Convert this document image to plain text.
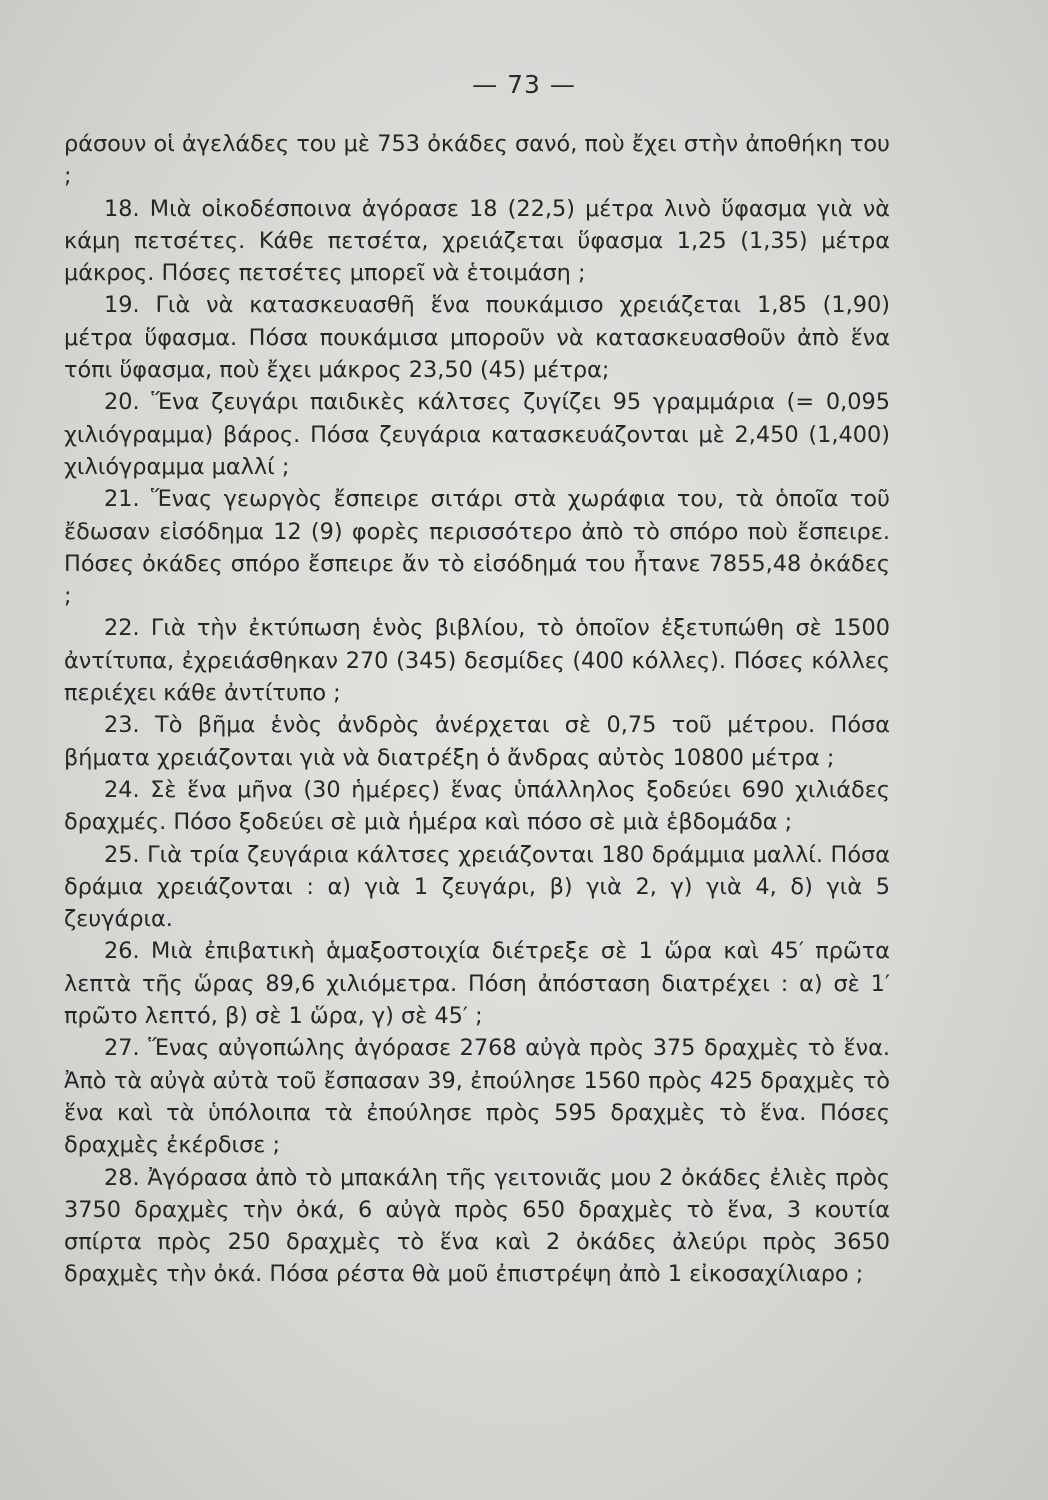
— 73 —

ράσουν οἱ ἀγελάδες του μὲ 753 ὀκάδες σανό, ποὺ ἔχει στὴν ἀποθήκη του ;

18. Μιὰ οἰκοδέσποινα ἀγόρασε 18 (22,5) μέτρα λινὸ ὕφασμα γιὰ νὰ κάμη πετσέτες. Κάθε πετσέτα, χρειάζεται ὕφασμα 1,25 (1,35) μέτρα μάκρος. Πόσες πετσέτες μπορεῖ νὰ ἑτοιμάση ;

19. Γιὰ νὰ κατασκευασθῆ ἕνα πουκάμισο χρειάζεται 1,85 (1,90) μέτρα ὕφασμα. Πόσα πουκάμισα μποροῦν νὰ κατασκευασθοῦν ἀπὸ ἕνα τόπι ὕφασμα, ποὺ ἔχει μάκρος 23,50 (45) μέτρα;

20. Ἕνα ζευγάρι παιδικὲς κάλτσες ζυγίζει 95 γραμμάρια (= 0,095 χιλιόγραμμα) βάρος. Πόσα ζευγάρια κατασκευάζονται μὲ 2,450 (1,400) χιλιόγραμμα μαλλί ;

21. Ἕνας γεωργὸς ἔσπειρε σιτάρι στὰ χωράφια του, τὰ ὁποῖα τοῦ ἔδωσαν εἰσόδημα 12 (9) φορὲς περισσότερο ἀπὸ τὸ σπόρο ποὺ ἔσπειρε. Πόσες ὀκάδες σπόρο ἔσπειρε ἄν τὸ εἰσόδημά του ἦτανε 7855,48 ὀκάδες ;

22. Γιὰ τὴν ἐκτύπωση ἑνὸς βιβλίου, τὸ ὁποῖον ἐξετυπώθη σὲ 1500 ἀντίτυπα, ἐχρειάσθηκαν 270 (345) δεσμίδες (400 κόλλες). Πόσες κόλλες περιέχει κάθε ἀντίτυπο ;

23. Τὸ βῆμα ἑνὸς ἀνδρὸς ἀνέρχεται σὲ 0,75 τοῦ μέτρου. Πόσα βήματα χρειάζονται γιὰ νὰ διατρέξη ὁ ἄνδρας αὐτὸς 10800 μέτρα ;

24. Σὲ ἕνα μῆνα (30 ἡμέρες) ἕνας ὑπάλληλος ξοδεύει 690 χιλιάδες δραχμές. Πόσο ξοδεύει σὲ μιὰ ἡμέρα καὶ πόσο σὲ μιὰ ἑβδομάδα ;

25. Γιὰ τρία ζευγάρια κάλτσες χρειάζονται 180 δράμμια μαλλί. Πόσα δράμια χρειάζονται : α) γιὰ 1 ζευγάρι, β) γιὰ 2, γ) γιὰ 4, δ) γιὰ 5 ζευγάρια.

26. Μιὰ ἐπιβατικὴ ἁμαξοστοιχία διέτρεξε σὲ 1 ὥρα καὶ 45′ πρῶτα λεπτὰ τῆς ὥρας 89,6 χιλιόμετρα. Πόση ἀπόσταση διατρέχει : α) σὲ 1′ πρῶτο λεπτό, β) σὲ 1 ὥρα, γ) σὲ 45′ ;

27. Ἕνας αὐγοπώλης ἀγόρασε 2768 αὐγὰ πρὸς 375 δραχμὲς τὸ ἕνα. Ἀπὸ τὰ αὐγὰ αὐτὰ τοῦ ἔσπασαν 39, ἐπούλησε 1560 πρὸς 425 δραχμὲς τὸ ἕνα καὶ τὰ ὑπόλοιπα τὰ ἐπούλησε πρὸς 595 δραχμὲς τὸ ἕνα. Πόσες δραχμὲς ἐκέρδισε ;

28. Ἀγόρασα ἀπὸ τὸ μπακάλη τῆς γειτονιᾶς μου 2 ὀκάδες ἐλιὲς πρὸς 3750 δραχμὲς τὴν ὀκά, 6 αὐγὰ πρὸς 650 δραχμὲς τὸ ἕνα, 3 κουτία σπίρτα πρὸς 250 δραχμὲς τὸ ἕνα καὶ 2 ὀκάδες ἀλεύρι πρὸς 3650 δραχμὲς τὴν ὀκά. Πόσα ρέστα θὰ μοῦ ἐπιστρέψη ἀπὸ 1 εἰκοσαχίλιαρο ;
